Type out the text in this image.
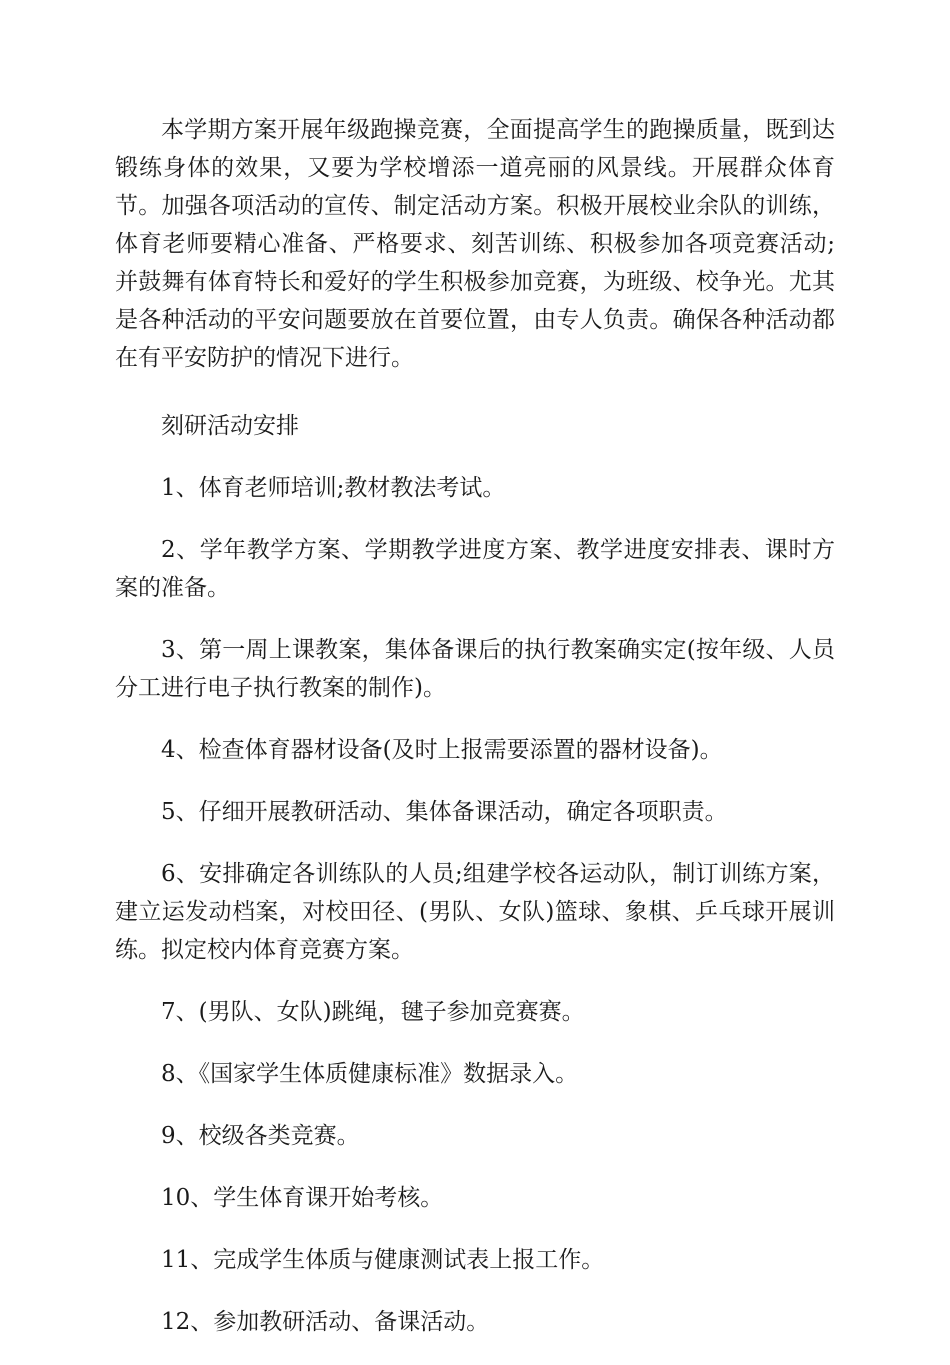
本学期方案开展年级跑操竞赛，全面提高学生的跑操质量，既到达锻练身体的效果，又要为学校增添一道亮丽的风景线。开展群众体育节。加强各项活动的宣传、制定活动方案。积极开展校业余队的训练，体育老师要精心准备、严格要求、刻苦训练、积极参加各项竞赛活动;并鼓舞有体育特长和爱好的学生积极参加竞赛，为班级、校争光。尤其是各种活动的平安问题要放在首要位置，由专人负责。确保各种活动都在有平安防护的情况下进行。

刻研活动安排

1、体育老师培训;教材教法考试。

2、学年教学方案、学期教学进度方案、教学进度安排表、课时方案的准备。

3、第一周上课教案，集体备课后的执行教案确实定(按年级、人员分工进行电子执行教案的制作)。

4、检查体育器材设备(及时上报需要添置的器材设备)。

5、仔细开展教研活动、集体备课活动，确定各项职责。

6、安排确定各训练队的人员;组建学校各运动队，制订训练方案，建立运发动档案，对校田径、(男队、女队)篮球、象棋、乒乓球开展训练。拟定校内体育竞赛方案。

7、(男队、女队)跳绳，毽子参加竞赛赛。

8、《国家学生体质健康标准》数据录入。

9、校级各类竞赛。

10、学生体育课开始考核。

11、完成学生体质与健康测试表上报工作。

12、参加教研活动、备课活动。
